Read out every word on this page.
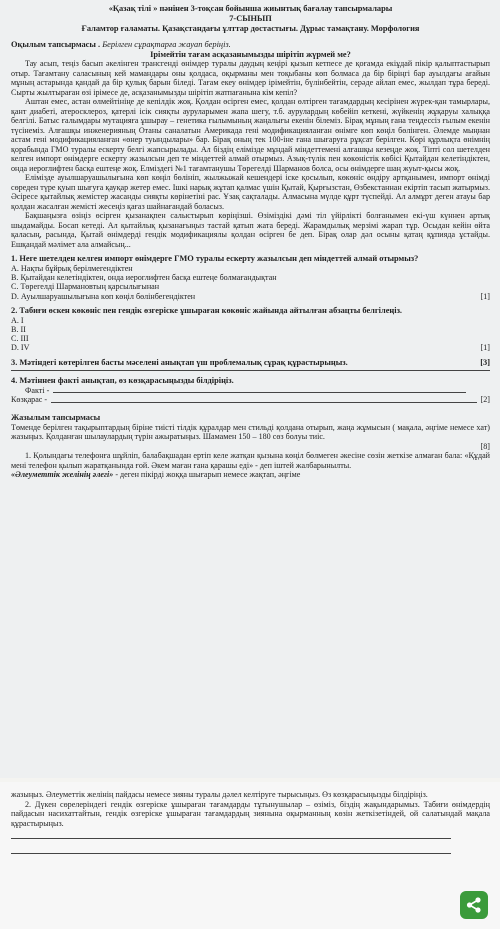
«Қазақ тілі » пәнінен 3-тоқсан бойынша жиынтық бағалау тапсырмалары
7-СЫНЫП
Ғаламтор ғаламаты. Қазақстандағы ұлттар достастығы. Дұрыс тамақтану. Морфология
Оқылым тапсырмасы . Берілген сұрақтарға жауап беріңіз.
Ірімейтін тағам асқазанымызды шірітіп жүрмей ме?

Тау асып, теңіз басып әкелінген трансгенді өнімдер туралы даудың кеңірі қызып кетпесе де қоғамда екіұдай пікір қалыптастырып отыр. Тағамтану саласының кей мамандары оны қолдаса, оқырманы мен тоқыбаны көп болмаса да бір біріңгі бар ауылдағы ағайын мұның астарында қандай да бір қулық барын біледі. Тағам екеу өнімдер ірімейтін, бүлінбейтін, серәде айлап емес, жылдап тұра береді. Сырты жылтыраған өзі ірімесе де, асқазанымызды шірітіп жатпағанына кім кепіл?

Аштан емес, астан өлмейтініңе де кепілдік жоқ. Қолдан өсірген емес, қолдан өлтірген тағамдардың кесірінен жүрек-қан тамырлары, қант диабеті, атеросклероз, қатерлі ісік сияқты ауруларымен жапа шегу, т.б. аурулардың көбейіп кеткені, жүйкенің жұқаруы халыққа белгілі. Батыс ғалымдары мутацияға ұшырау – генетика ғылымының жаңалығы екенін білеміз. Бірақ мұның ғана теңдессіз ғылым екенін түсінеміз. Алғашқы инженерияның Отаны саналатын Америкада гені модификацияланған өнімге көп көңіл бөлінген. Әлемде мыңнан астам гені модификацияланған «өнер туындылары» бар. Бірақ оның тек 100-іне ғана шығаруға рұқсат берілген. Көрі құрлықта өнімнің қорабында ГМО туралы ескерту белгі жапсырылады. Ал біздің елімізде мұндай міндеттемені алғашқы кезеңде жоқ. Тіпті сол шетелден келген импорт өнімдерге ескерту жазылсын деп те міндеттей алмай отырмыз. Азық-түлік пен көкөністік көбісі Қытайдан келетіндіктен, онда иероглифтен басқа ештеңе жоқ. Елміздегі №1 тағамтанушы Төрегелді Шарманов болса, осы өнімдерге шаң жуыт-қысы жоқ.

Елімізде ауылшаруашылығына көп көңіл бөлініп, жылжыжай кешендері іске қосылып, көкөніс өндіру артқанымен, импорт өнімді сөреден түре қуып шығуға қауқар жетер емес. Ішкі нарық жұтап қалмас үшін Қытай, Қырғызстан, Өзбекстаннан екіртіп тасып жатырмыз. Әсіресе қытайлық жемістер жасанды сияқты көрінетіні рас. Ұзақ сақталады. Алмасына мүлде құрт түспейді. Ал алмұрт деген атауы бар қолдан жасалған жемісті жесеңіз қағаз шайнағандай боласыз.

Бақшаңызға өзіңіз өсірген қызанақпен салыстырып көріңізші. Өзіміздікі дәмі тіл үйірлікті болғанымен екі-үш күннен артық шыдамайды. Босап кетеді. Ал қытайлық қызанағыңыз тастай қатып жата береді. Жарамдылық мерзімі жарап тұр. Осыдан кейін өйта қаласың, расында, Қытай өнімдерді гендік модификациялы қолдан өсірген бе деп. Бірақ олар дәл осыны қатаң құпияда ұстайды. Ешқандай мәлімет ала алмайсың...

1. Неге шетелден келген импорт өнімдерге ГМО туралы ескерту жазылсын деп міндеттей алмай отырмыз?
А. Нақты бұйрық берілмегендіктен
В. Қытайдан келетіндіктен, онда иероглифтен басқа ештеңе болмағандықтан
С. Төрегелді Шармановтың қарсылығынан
D. Ауылшаруашылығына көп көңіл бөлінбегендіктен	[1]
2. Табиғи өскен көкөніс пен гендік өзгеріске ұшыраған көкөніс жайында айтылған абзацты белгілеңіз.
А. І
В. ІІ
С. ІІІ
D. IV	[1]
3. Мәтіндегі көтерілген басты мәселені анықтап үш проблемалық сұрақ құрастырыңыз.	[3]
4. Мәтіннен факті анықтап, өз көзқарасыңызды білдіріңіз.
Факті -
Көзқарас -	[2]
Жазылым тапсырмасы

Төменде берілген тақырыптардың біріне тиісті тілдік құралдар мен стильді қолдана отырып, жаңа жұмысын ( мақала, әңгіме немесе хат) жазыңыз. Қолданған шылаулардың түрін ажыратыңыз. Шамамен 150 – 180 сөз болуы тиіс.

[8]

1. Қолындағы телефонға шұйліп, балабақшадан ертіп келе жатқан қызына көңіл бөлмеген әкесіне сөзін жеткізе алмаған бала: «Құдай мені телефон қылып жаратқанында ғой. Әкем маған ғана қарашы еді» - деп іштей жалбарынылты.

«Әлеуметтік желінің әлегі» - деген пікірді жоққа шығарып немесе жақтап, әңгіме

жазыңыз. Әлеуметтік желінің пайдасы немесе зияны туралы дәлел келтіруге тырысыңыз. Өз көзқарасыңызды білдіріңіз.

2. Дүкен сөрелеріндегі гендік өзгеріске ұшыраған тағамдарды тұтынушылар – өзіміз, біздің жақындарымыз. Табиғи өнімдердің пайдасын насихаттайтын, гендік өзгеріске ұшыраған тағамдардың зиянына оқырманның көзін жеткізетіндей, ой салатындай мақала құрастырыңыз.
